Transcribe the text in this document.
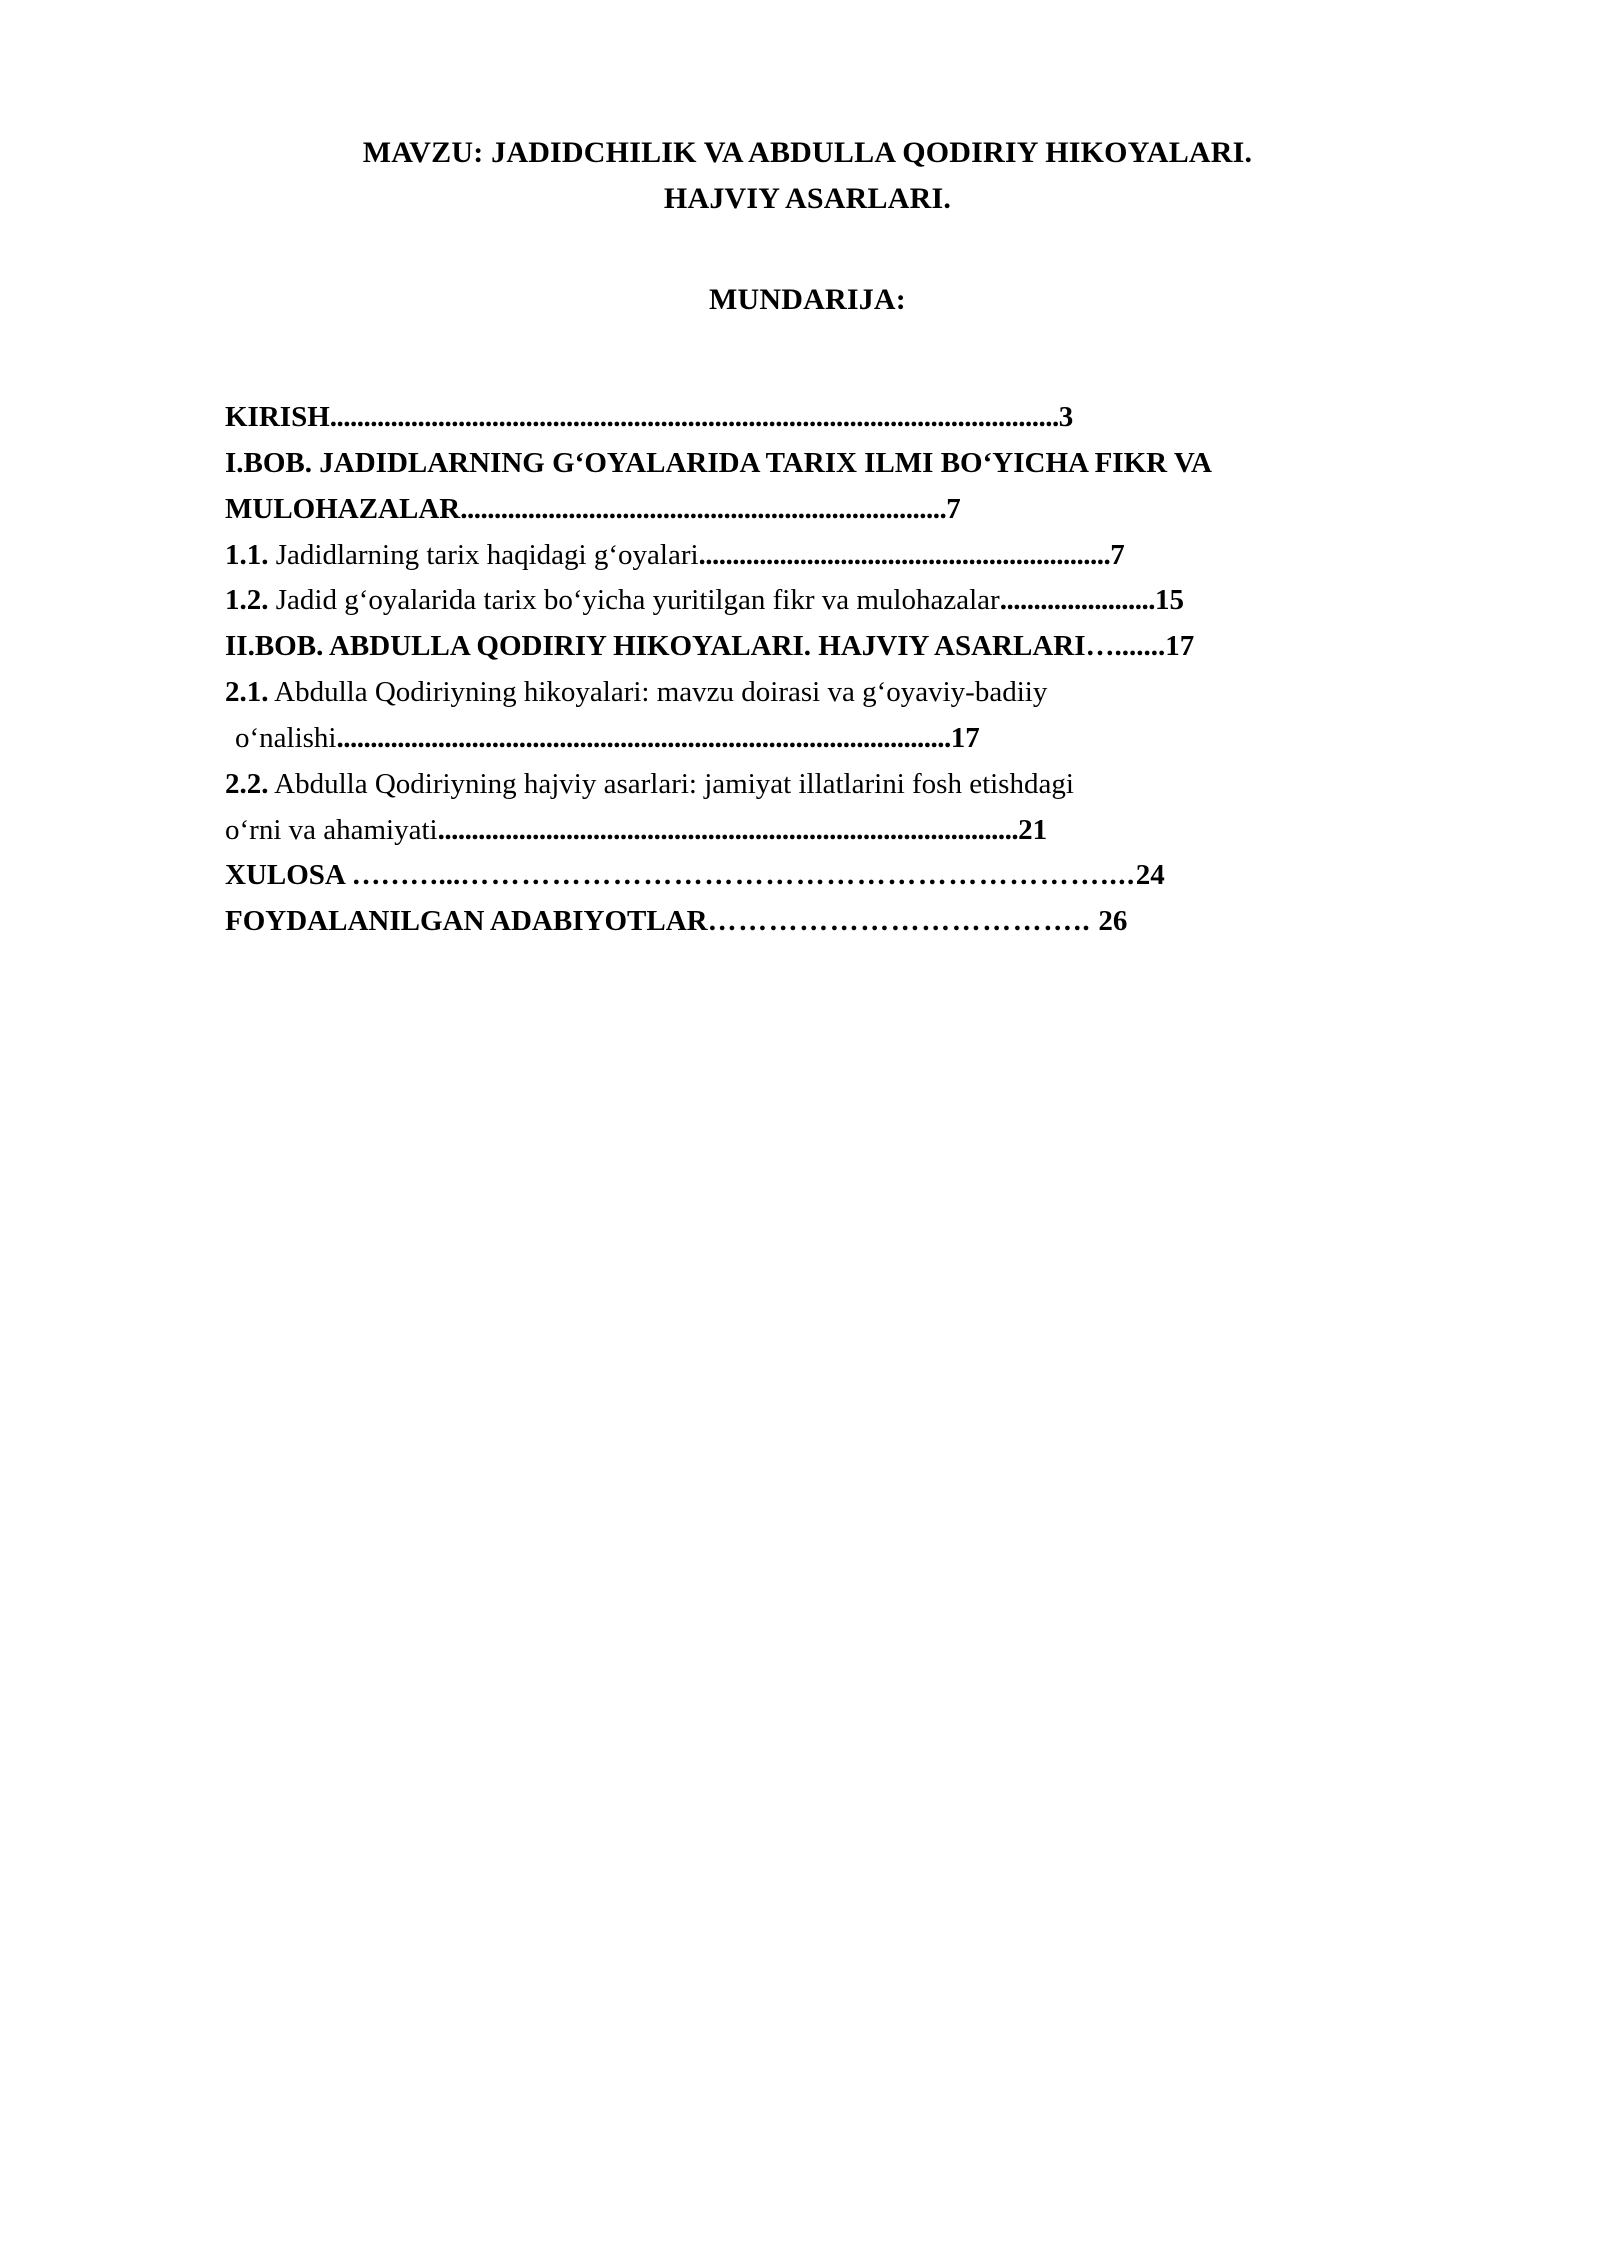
MAVZU: JADIDCHILIK VA ABDULLA QODIRIY HIKOYALARI.
HAJVIY ASARLARI.
MUNDARIJA:
KIRISH............................................................................................................3
I.BOB. JADIDLARNING G‘OYALARIDA TARIX ILMI BO‘YICHA FIKR VA MULOHAZALAR........................................................................7
1.1. Jadidlarning tarix haqidagi g‘oyalari.............................................................7
1.2. Jadid g‘oyalarida tarix bo‘yicha yuritilgan fikr va mulohazalar.......................15
II.BOB. ABDULLA QODIRIY HIKOYALARI. HAJVIY ASARLARI….......17
2.1. Abdulla Qodiriyning hikoyalari: mavzu doirasi va g‘oyaviy-badiiy
o‘nalishi...........................................................................................17
2.2. Abdulla Qodiriyning hajviy asarlari: jamiyat illatlarini fosh etishdagi
o‘rni va ahamiyati......................................................................................21
XULOSA ………...………………………………………………………....24
FOYDALANILGAN ADABIYOTLAR……………………………….. 26
